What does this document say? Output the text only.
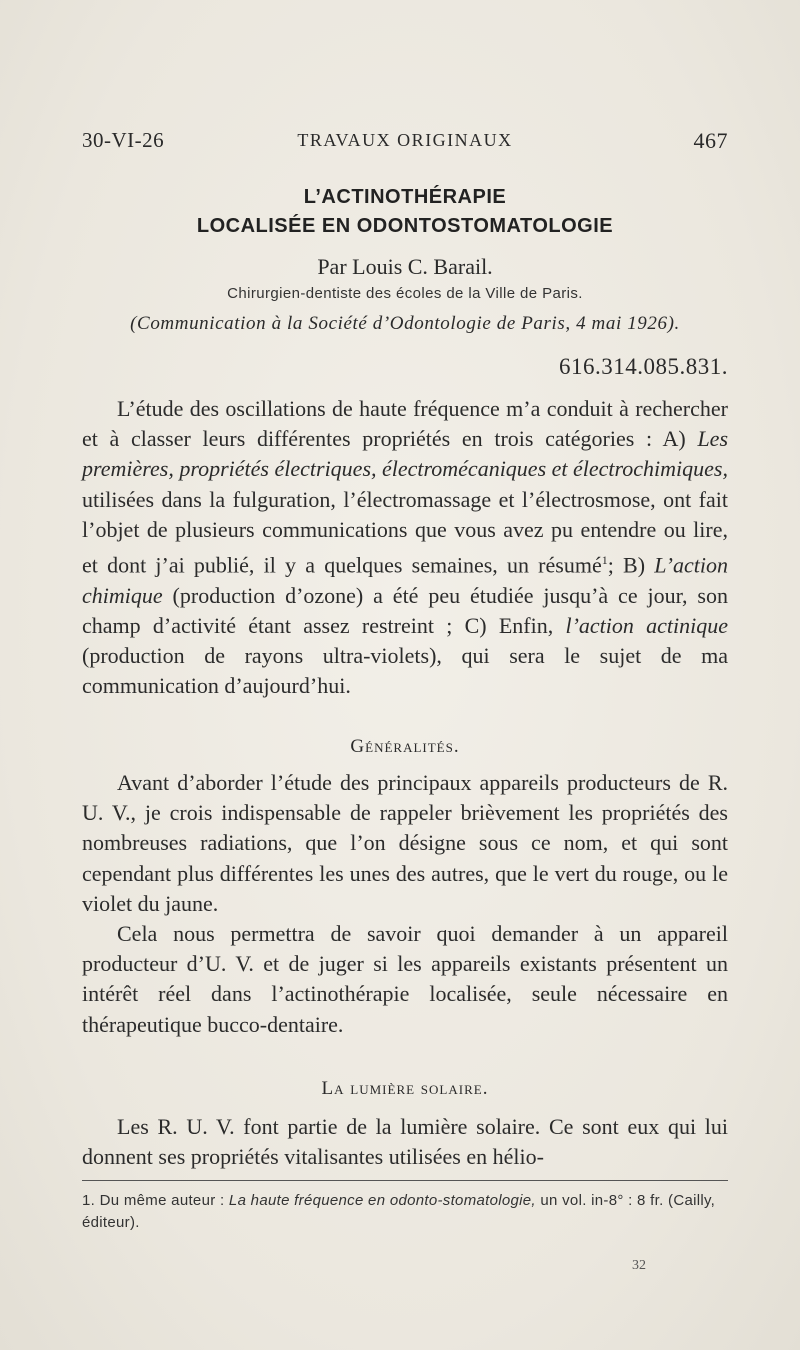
30-VI-26	TRAVAUX ORIGINAUX	467
L’ACTINOTHÉRAPIE
LOCALISÉE EN ODONTOSTOMATOLOGIE
Par Louis C. Barail.
Chirurgien-dentiste des écoles de la Ville de Paris.
(Communication à la Société d’Odontologie de Paris, 4 mai 1926).
616.314.085.831.

L’étude des oscillations de haute fréquence m’a conduit à rechercher et à classer leurs différentes propriétés en trois catégories : A) Les premières, propriétés électriques, électromécaniques et électrochimiques, utilisées dans la fulguration, l’électromassage et l’électrosmose, ont fait l’objet de plusieurs communications que vous avez pu entendre ou lire, et dont j’ai publié, il y a quelques semaines, un résumé$^1$; B) L’action chimique (production d’ozone) a été peu étudiée jusqu’à ce jour, son champ d’activité étant assez restreint ; C) Enfin, l’action actinique (production de rayons ultra-violets), qui sera le sujet de ma communication d’aujourd’hui.

Généralités.

Avant d’aborder l’étude des principaux appareils producteurs de R. U. V., je crois indispensable de rappeler brièvement les propriétés des nombreuses radiations, que l’on désigne sous ce nom, et qui sont cependant plus différentes les unes des autres, que le vert du rouge, ou le violet du jaune.

Cela nous permettra de savoir quoi demander à un appareil producteur d’U. V. et de juger si les appareils existants présentent un intérêt réel dans l’actinothérapie localisée, seule nécessaire en thérapeutique bucco-dentaire.

La lumière solaire.

Les R. U. V. font partie de la lumière solaire. Ce sont eux qui lui donnent ses propriétés vitalisantes utilisées en hélio-

1. Du même auteur : La haute fréquence en odonto-stomatologie, un vol. in-8° : 8 fr. (Cailly, éditeur).
32
